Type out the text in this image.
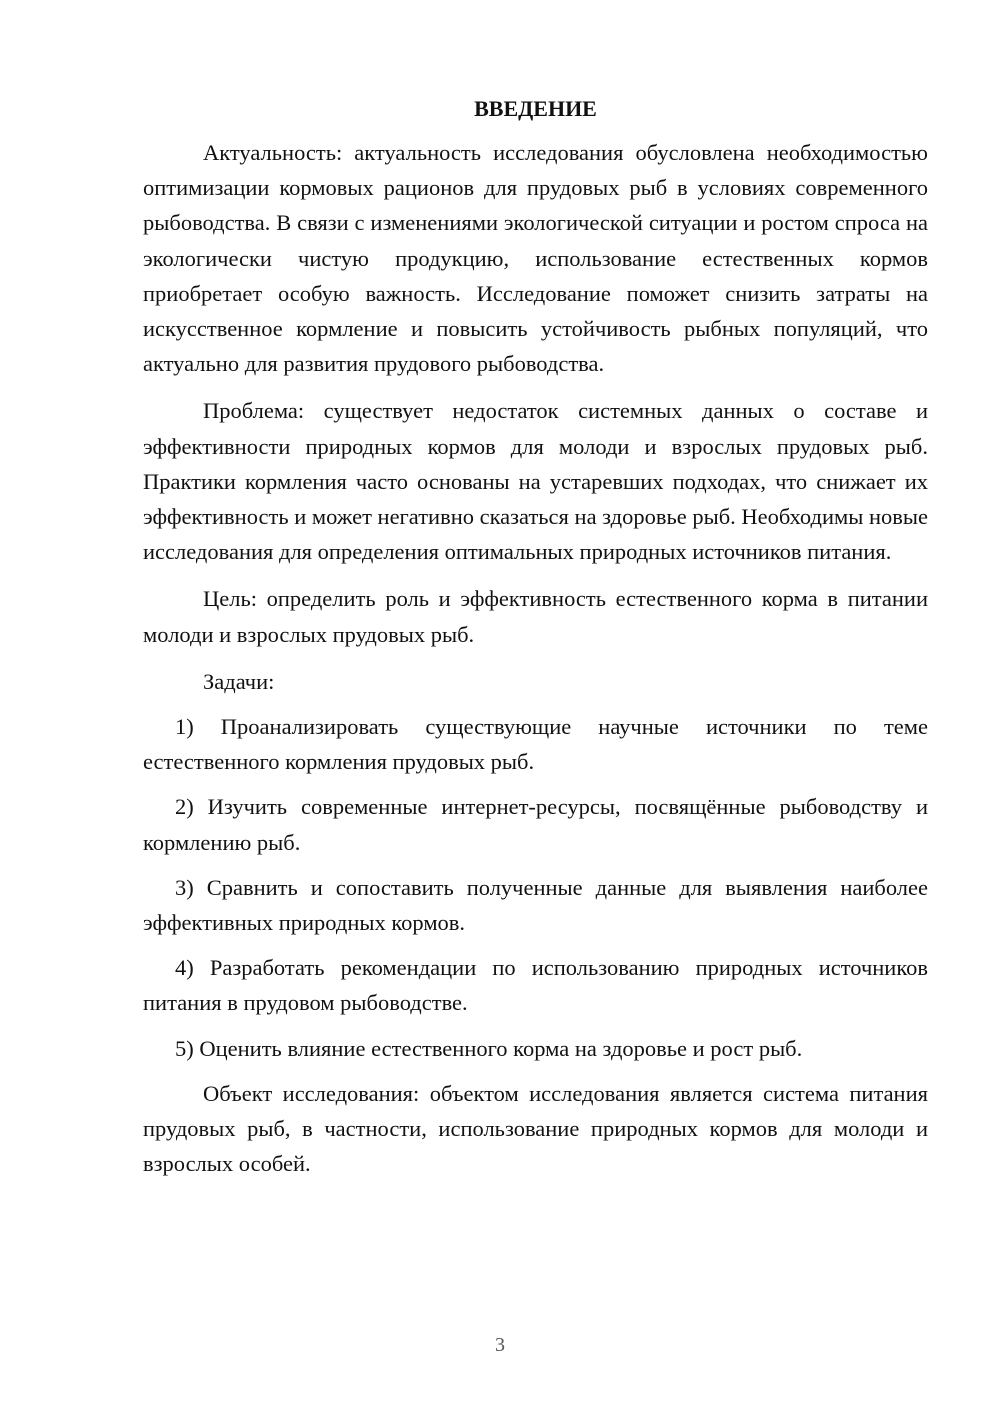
ВВЕДЕНИЕ

Актуальность: актуальность исследования обусловлена необходимостью оптимизации кормовых рационов для прудовых рыб в условиях современного рыбоводства. В связи с изменениями экологической ситуации и ростом спроса на экологически чистую продукцию, использование естественных кормов приобретает особую важность. Исследование поможет снизить затраты на искусственное кормление и повысить устойчивость рыбных популяций, что актуально для развития прудового рыбоводства.

Проблема: существует недостаток системных данных о составе и эффективности природных кормов для молоди и взрослых прудовых рыб. Практики кормления часто основаны на устаревших подходах, что снижает их эффективность и может негативно сказаться на здоровье рыб. Необходимы новые исследования для определения оптимальных природных источников питания.

Цель: определить роль и эффективность естественного корма в питании молоди и взрослых прудовых рыб.

Задачи:

1) Проанализировать существующие научные источники по теме естественного кормления прудовых рыб.

2) Изучить современные интернет-ресурсы, посвящённые рыбоводству и кормлению рыб.

3) Сравнить и сопоставить полученные данные для выявления наиболее эффективных природных кормов.

4) Разработать рекомендации по использованию природных источников питания в прудовом рыбоводстве.

5) Оценить влияние естественного корма на здоровье и рост рыб.

Объект исследования: объектом исследования является система питания прудовых рыб, в частности, использование природных кормов для молоди и взрослых особей.

3
